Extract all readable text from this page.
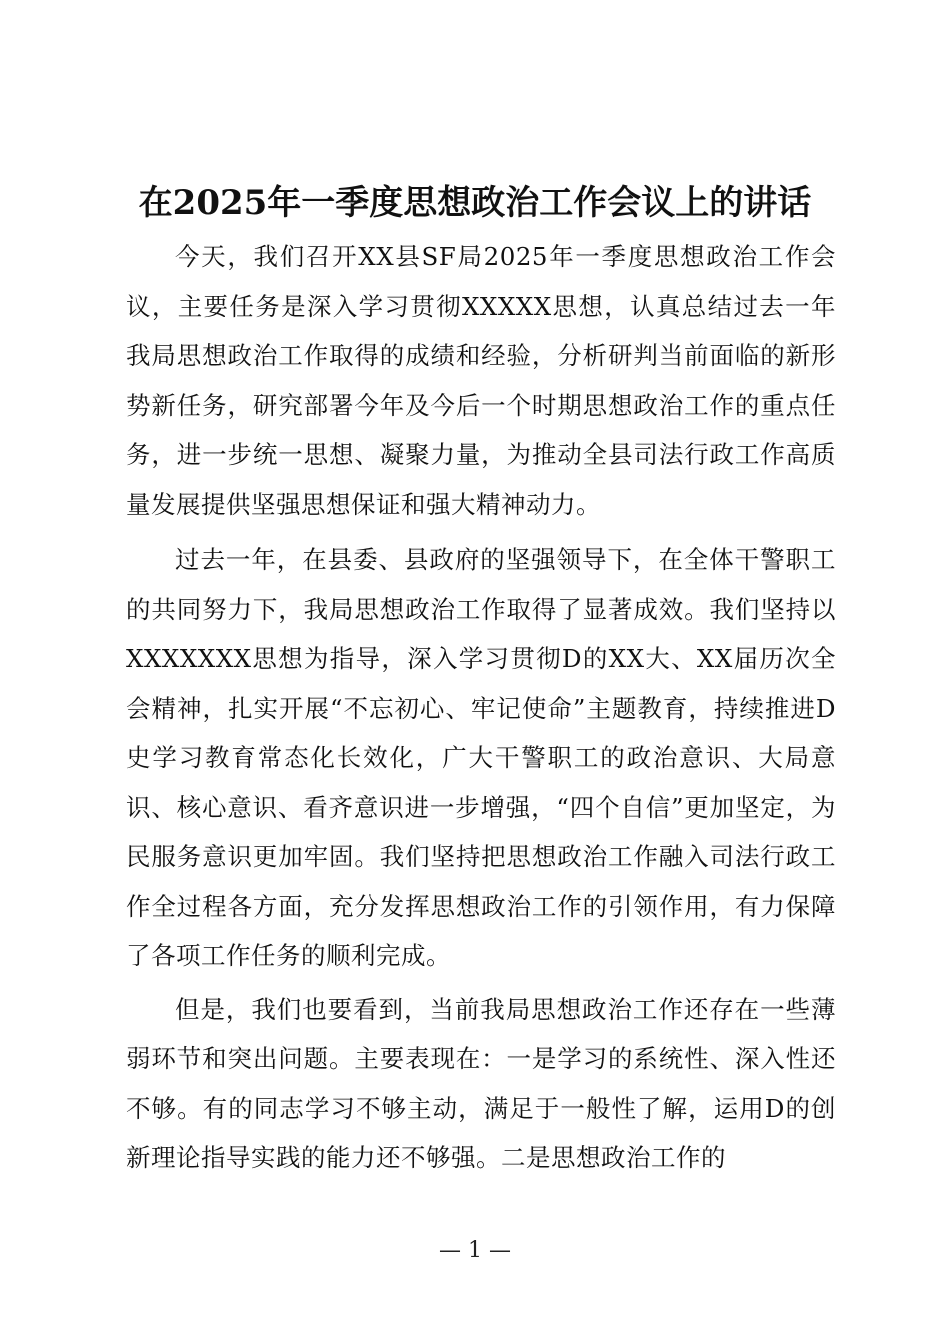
在2025年一季度思想政治工作会议上的讲话

今天，我们召开XX县SF局2025年一季度思想政治工作会议，主要任务是深入学习贯彻XXXXX思想，认真总结过去一年我局思想政治工作取得的成绩和经验，分析研判当前面临的新形势新任务，研究部署今年及今后一个时期思想政治工作的重点任务，进一步统一思想、凝聚力量，为推动全县司法行政工作高质量发展提供坚强思想保证和强大精神动力。

过去一年，在县委、县政府的坚强领导下，在全体干警职工的共同努力下，我局思想政治工作取得了显著成效。我们坚持以XXXXXXX思想为指导，深入学习贯彻D的XX大、XX届历次全会精神，扎实开展“不忘初心、牢记使命”主题教育，持续推进D史学习教育常态化长效化，广大干警职工的政治意识、大局意识、核心意识、看齐意识进一步增强，“四个自信”更加坚定，为民服务意识更加牢固。我们坚持把思想政治工作融入司法行政工作全过程各方面，充分发挥思想政治工作的引领作用，有力保障了各项工作任务的顺利完成。

但是，我们也要看到，当前我局思想政治工作还存在一些薄弱环节和突出问题。主要表现在：一是学习的系统性、深入性还不够。有的同志学习不够主动，满足于一般性了解，运用D的创新理论指导实践的能力还不够强。二是思想政治工作的

— 1 —
